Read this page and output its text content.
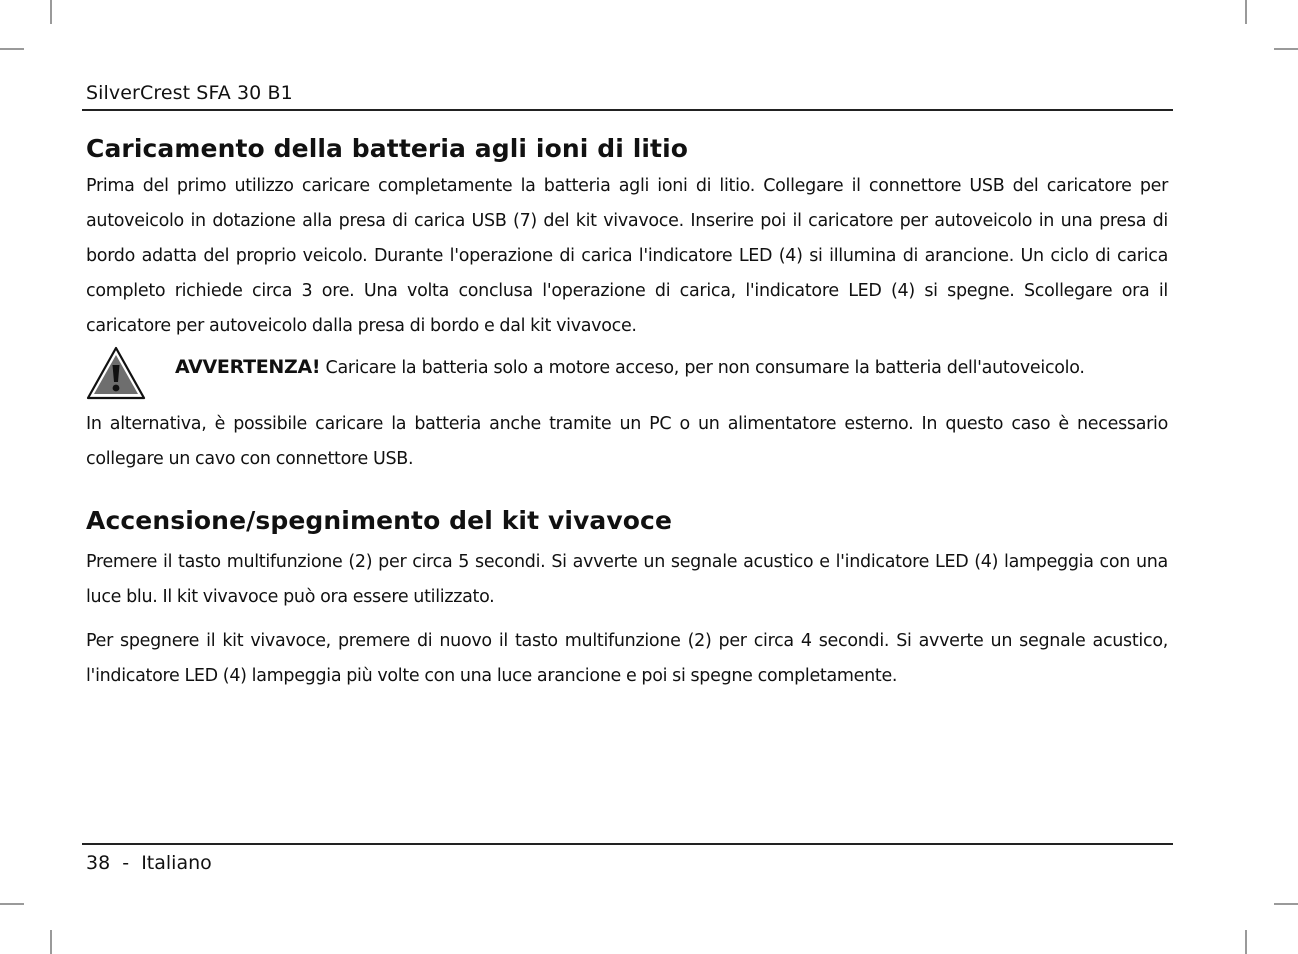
SilverCrest SFA 30 B1
Caricamento della batteria agli ioni di litio

Prima del primo utilizzo caricare completamente la batteria agli ioni di litio. Collegare il connettore USB del caricatore per autoveicolo in dotazione alla presa di carica USB (7) del kit vivavoce. Inserire poi il caricatore per autoveicolo in una presa di bordo adatta del proprio veicolo. Durante l'operazione di carica l'indicatore LED (4) si illumina di arancione. Un ciclo di carica completo richiede circa 3 ore. Una volta conclusa l'operazione di carica, l'indicatore LED (4) si spegne. Scollegare ora il caricatore per autoveicolo dalla presa di bordo e dal kit vivavoce.

AVVERTENZA! Caricare la batteria solo a motore acceso, per non consumare la batteria dell'autoveicolo.

In alternativa, è possibile caricare la batteria anche tramite un PC o un alimentatore esterno. In questo caso è necessario collegare un cavo con connettore USB.

Accensione/spegnimento del kit vivavoce

Premere il tasto multifunzione (2) per circa 5 secondi. Si avverte un segnale acustico e l'indicatore LED (4) lampeggia con una luce blu. Il kit vivavoce può ora essere utilizzato.

Per spegnere il kit vivavoce, premere di nuovo il tasto multifunzione (2) per circa 4 secondi. Si avverte un segnale acustico, l'indicatore LED (4) lampeggia più volte con una luce arancione e poi si spegne completamente.

38  -  Italiano
